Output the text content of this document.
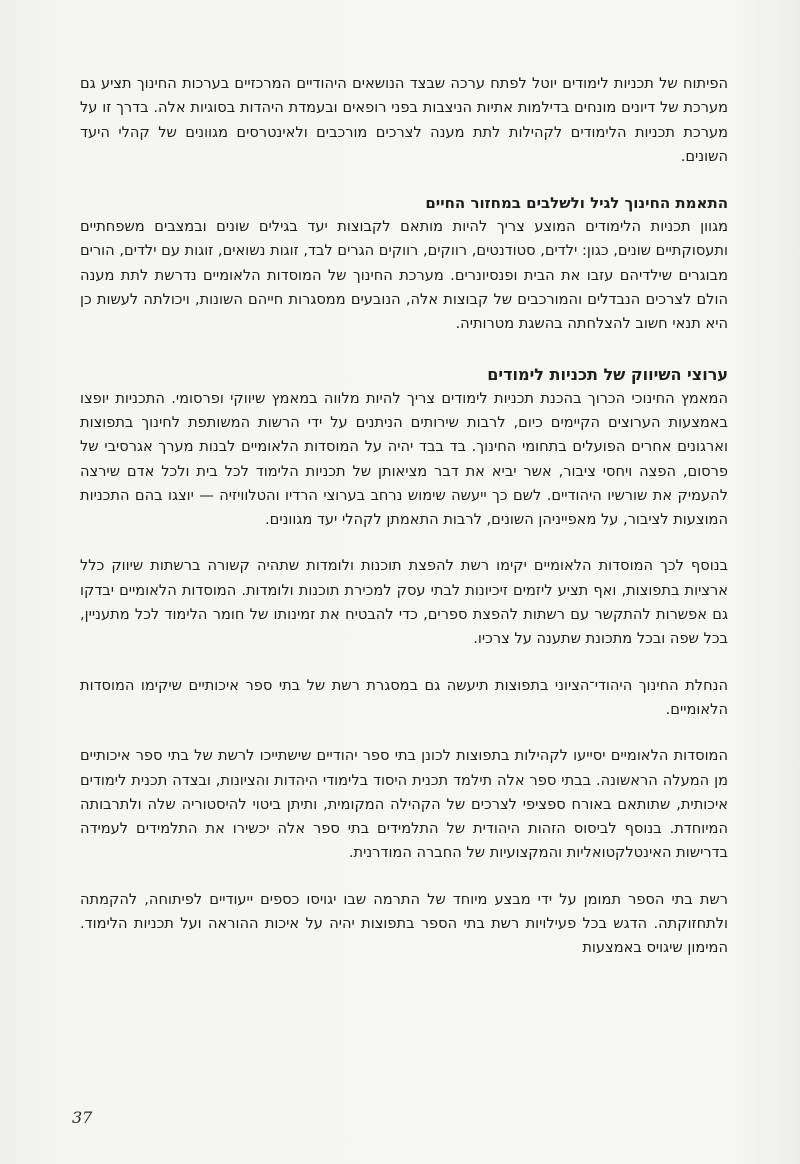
הפיתוח של תכניות לימודים יוטל לפתח ערכה שבצד הנושאים היהודיים המרכזיים בערכות החינוך תציע גם מערכת של דיונים מונחים בדילמות אתיות הניצבות בפני רופאים ובעמדת היהדות בסוגיות אלה. בדרך זו על מערכת תכניות הלימודים לקהילות לתת מענה לצרכים מורכבים ולאינטרסים מגוונים של קהלי היעד השונים.

התאמת החינוך לגיל ולשלבים במחזור החיים

מגוון תכניות הלימודים המוצע צריך להיות מותאם לקבוצות יעד בגילים שונים ובמצבים משפחתיים ותעסוקתיים שונים, כגון: ילדים, סטודנטים, רווקים, רווקים הגרים לבד, זוגות נשואים, זוגות עם ילדים, הורים מבוגרים שילדיהם עזבו את הבית ופנסיונרים. מערכת החינוך של המוסדות הלאומיים נדרשת לתת מענה הולם לצרכים הנבדלים והמורכבים של קבוצות אלה, הנובעים ממסגרות חייהם השונות, ויכולתה לעשות כן היא תנאי חשוב להצלחתה בהשגת מטרותיה.

ערוצי השיווק של תכניות לימודים

המאמץ החינוכי הכרוך בהכנת תכניות לימודים צריך להיות מלווה במאמץ שיווקי ופרסומי. התכניות יופצו באמצעות הערוצים הקיימים כיום, לרבות שירותים הניתנים על ידי הרשות המשותפת לחינוך בתפוצות וארגונים אחרים הפועלים בתחומי החינוך. בד בבד יהיה על המוסדות הלאומיים לבנות מערך אגרסיבי של פרסום, הפצה ויחסי ציבור, אשר יביא את דבר מציאותן של תכניות הלימוד לכל בית ולכל אדם שירצה להעמיק את שורשיו היהודיים. לשם כך ייעשה שימוש נרחב בערוצי הרדיו והטלוויזיה — יוצגו בהם התכניות המוצעות לציבור, על מאפייניהן השונים, לרבות התאמתן לקהלי יעד מגוונים.

בנוסף לכך המוסדות הלאומיים יקימו רשת להפצת תוכנות ולומדות שתהיה קשורה ברשתות שיווק כלל ארציות בתפוצות, ואף תציע ליזמים זיכיונות לבתי עסק למכירת תוכנות ולומדות. המוסדות הלאומיים יבדקו גם אפשרות להתקשר עם רשתות להפצת ספרים, כדי להבטיח את זמינותו של חומר הלימוד לכל מתעניין, בכל שפה ובכל מתכונת שתענה על צרכיו.

הנחלת החינוך היהודי־הציוני בתפוצות תיעשה גם במסגרת רשת של בתי ספר איכותיים שיקימו המוסדות הלאומיים.

המוסדות הלאומיים יסייעו לקהילות בתפוצות לכונן בתי ספר יהודיים שישתייכו לרשת של בתי ספר איכותיים מן המעלה הראשונה. בבתי ספר אלה תילמד תכנית היסוד בלימודי היהדות והציונות, ובצדה תכנית לימודים איכותית, שתותאם באורח ספציפי לצרכים של הקהילה המקומית, ותיתן ביטוי להיסטוריה שלה ולתרבותה המיוחדת. בנוסף לביסוס הזהות היהודית של התלמידים בתי ספר אלה יכשירו את התלמידים לעמידה בדרישות האינטלקטואליות והמקצועיות של החברה המודרנית.

רשת בתי הספר תמומן על ידי מבצע מיוחד של התרמה שבו יגויסו כספים ייעודיים לפיתוחה, להקמתה ולתחזוקתה. הדגש בכל פעילויות רשת בתי הספר בתפוצות יהיה על איכות ההוראה ועל תכניות הלימוד. המימון שיגויס באמצעות

37
